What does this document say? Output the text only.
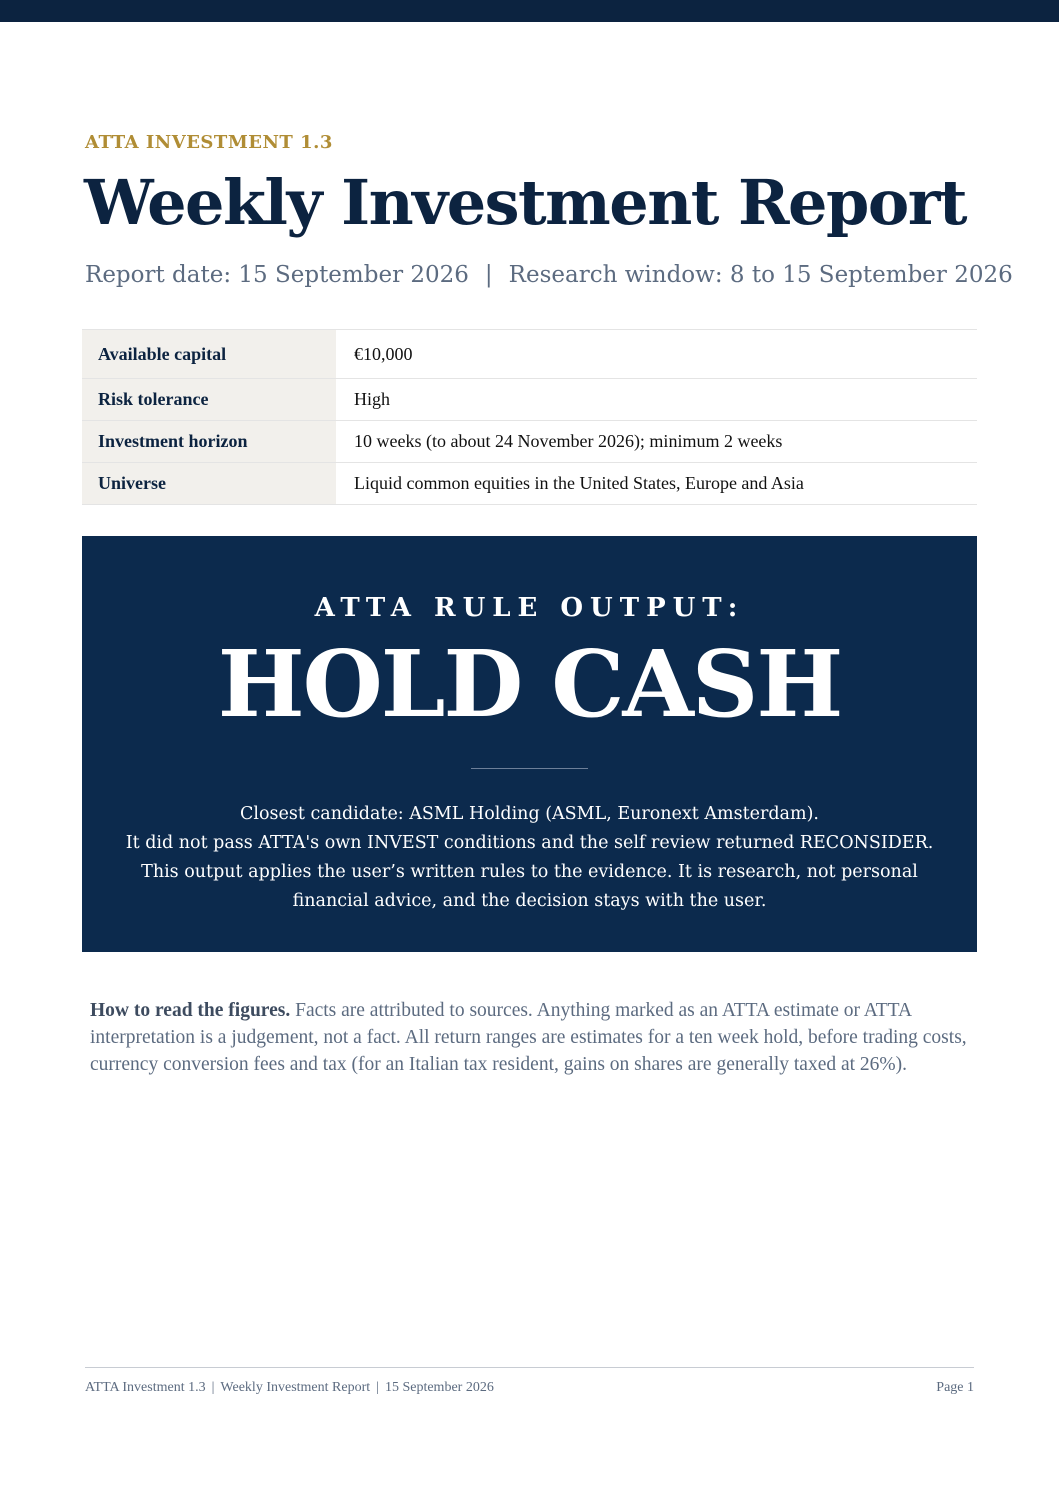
ATTA INVESTMENT 1.3
Weekly Investment Report
Report date: 15 September 2026 | Research window: 8 to 15 September 2026
Available capital	€10,000
Risk tolerance	High
Investment horizon	10 weeks (to about 24 November 2026); minimum 2 weeks
Universe	Liquid common equities in the United States, Europe and Asia
ATTA RULE OUTPUT:
HOLD CASH

Closest candidate: ASML Holding (ASML, Euronext Amsterdam).

It did not pass ATTA's own INVEST conditions and the self review returned RECONSIDER.

This output applies the user’s written rules to the evidence. It is research, not personal

financial advice, and the decision stays with the user.

How to read the figures. Facts are attributed to sources. Anything marked as an ATTA estimate or ATTA interpretation is a judgement, not a fact. All return ranges are estimates for a ten week hold, before trading costs, currency conversion fees and tax (for an Italian tax resident, gains on shares are generally taxed at 26%).
ATTA Investment 1.3 | Weekly Investment Report | 15 September 2026	Page 1
